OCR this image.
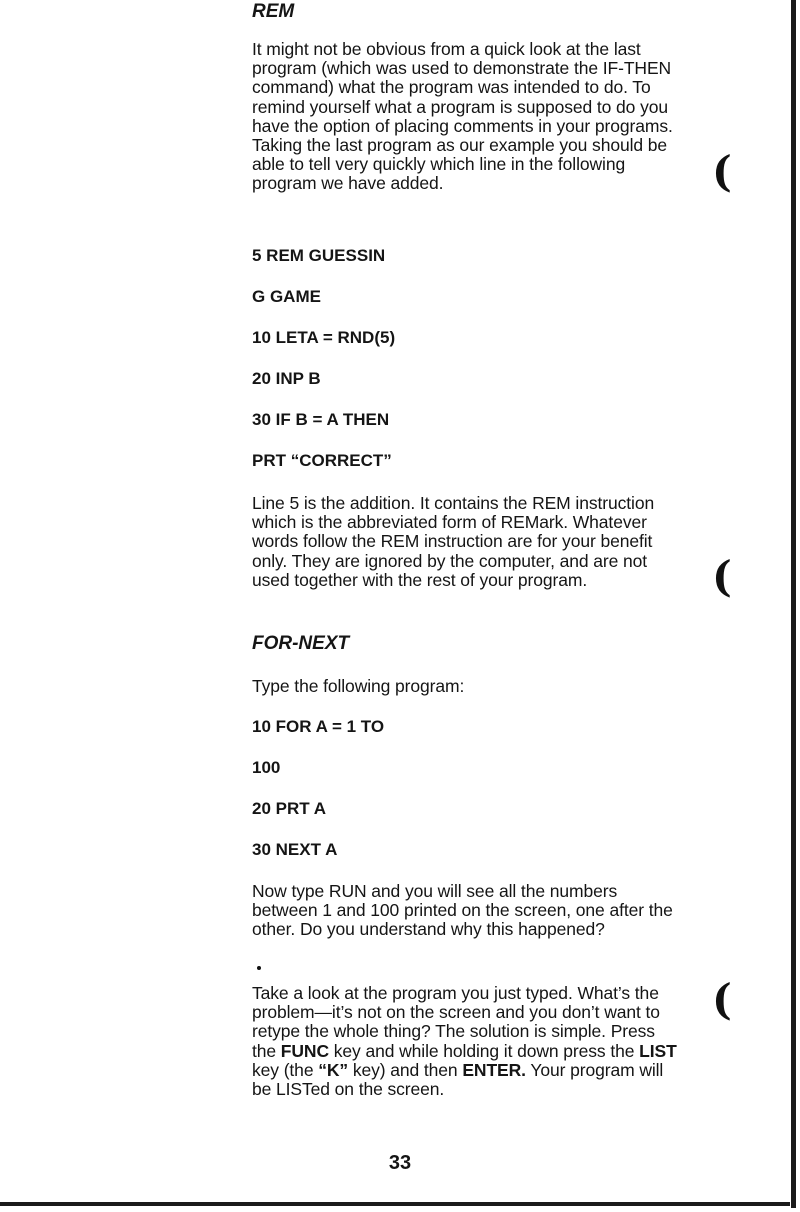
REM

It might not be obvious from a quick look at the last program (which was used to demonstrate the IF-THEN command) what the program was intended to do. To remind yourself what a program is supposed to do you have the option of placing comments in your programs. Taking the last program as our example you should be able to tell very quickly which line in the following program we have added.

5 REM GUESSIN

G GAME

10 LETA = RND(5)

20 INP B

30 IF B = A THEN

PRT “CORRECT”

Line 5 is the addition. It contains the REM instruction which is the abbreviated form of REMark. Whatever words follow the REM instruction are for your benefit only. They are ignored by the computer, and are not used together with the rest of your program.

FOR-NEXT

Type the following program:

10 FOR A = 1 TO

100

20 PRT A

30 NEXT A

Now type RUN and you will see all the numbers between 1 and 100 printed on the screen, one after the other. Do you understand why this happened?

Take a look at the program you just typed. What’s the problem—it’s not on the screen and you don’t want to retype the whole thing? The solution is simple. Press the FUNC key and while holding it down press the LIST key (the “K” key) and then ENTER. Your program will be LISTed on the screen.

33

(
(
(
